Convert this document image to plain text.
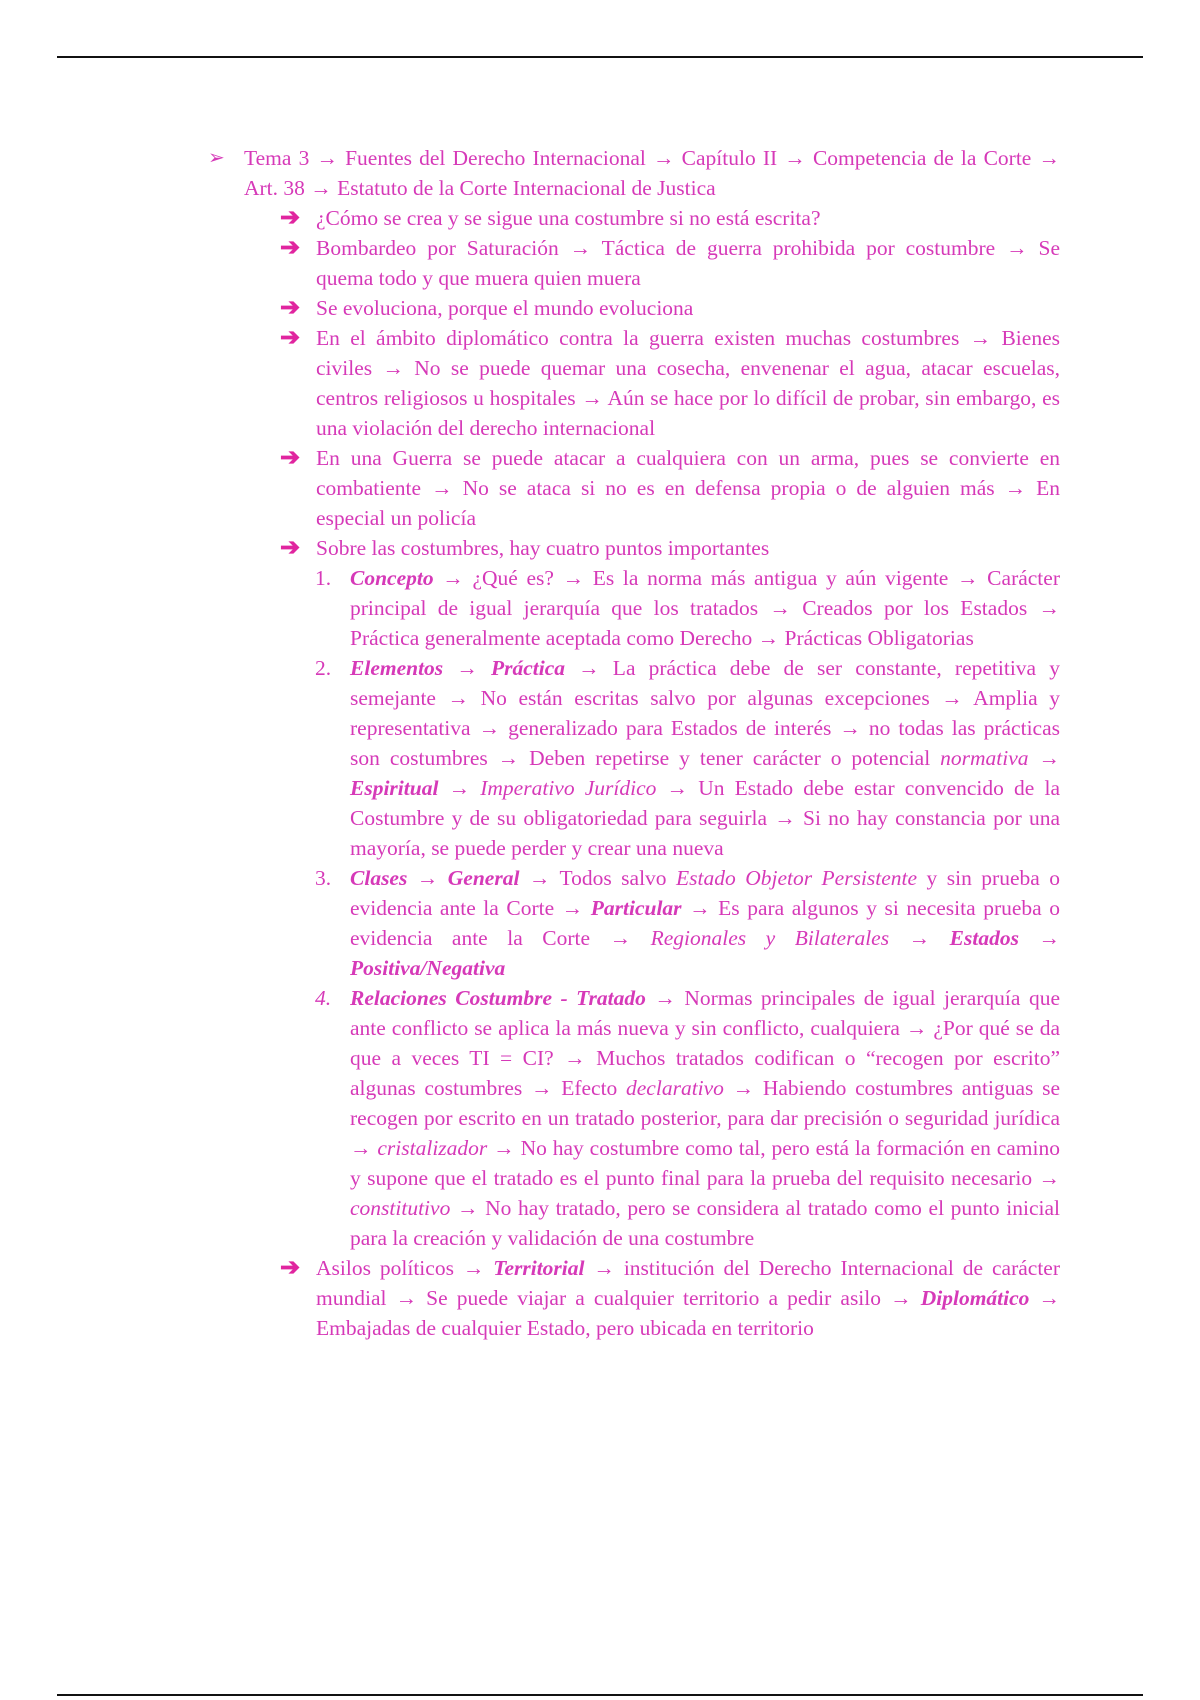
➢ Tema 3 → Fuentes del Derecho Internacional → Capítulo II → Competencia de la Corte → Art. 38 → Estatuto de la Corte Internacional de Justica
➔ ¿Cómo se crea y se sigue una costumbre si no está escrita?
➔ Bombardeo por Saturación → Táctica de guerra prohibida por costumbre → Se quema todo y que muera quien muera
➔ Se evoluciona, porque el mundo evoluciona
➔ En el ámbito diplomático contra la guerra existen muchas costumbres → Bienes civiles → No se puede quemar una cosecha, envenenar el agua, atacar escuelas, centros religiosos u hospitales → Aún se hace por lo difícil de probar, sin embargo, es una violación del derecho internacional
➔ En una Guerra se puede atacar a cualquiera con un arma, pues se convierte en combatiente → No se ataca si no es en defensa propia o de alguien más → En especial un policía
➔ Sobre las costumbres, hay cuatro puntos importantes
1. Concepto → ¿Qué es? → Es la norma más antigua y aún vigente → Carácter principal de igual jerarquía que los tratados → Creados por los Estados → Práctica generalmente aceptada como Derecho → Prácticas Obligatorias
2. Elementos → Práctica → La práctica debe de ser constante, repetitiva y semejante → No están escritas salvo por algunas excepciones → Amplia y representativa → generalizado para Estados de interés → no todas las prácticas son costumbres → Deben repetirse y tener carácter o potencial normativa → Espiritual → Imperativo Jurídico → Un Estado debe estar convencido de la Costumbre y de su obligatoriedad para seguirla → Si no hay constancia por una mayoría, se puede perder y crear una nueva
3. Clases → General → Todos salvo Estado Objetor Persistente y sin prueba o evidencia ante la Corte → Particular → Es para algunos y si necesita prueba o evidencia ante la Corte → Regionales y Bilaterales → Estados → Positiva/Negativa
4. Relaciones Costumbre - Tratado → Normas principales de igual jerarquía que ante conflicto se aplica la más nueva y sin conflicto, cualquiera → ¿Por qué se da que a veces TI = CI? → Muchos tratados codifican o “recogen por escrito” algunas costumbres → Efecto declarativo → Habiendo costumbres antiguas se recogen por escrito en un tratado posterior, para dar precisión o seguridad jurídica → cristalizador → No hay costumbre como tal, pero está la formación en camino y supone que el tratado es el punto final para la prueba del requisito necesario → constitutivo → No hay tratado, pero se considera al tratado como el punto inicial para la creación y validación de una costumbre
➔ Asilos políticos → Territorial → institución del Derecho Internacional de carácter mundial → Se puede viajar a cualquier territorio a pedir asilo → Diplomático → Embajadas de cualquier Estado, pero ubicada en territorio
